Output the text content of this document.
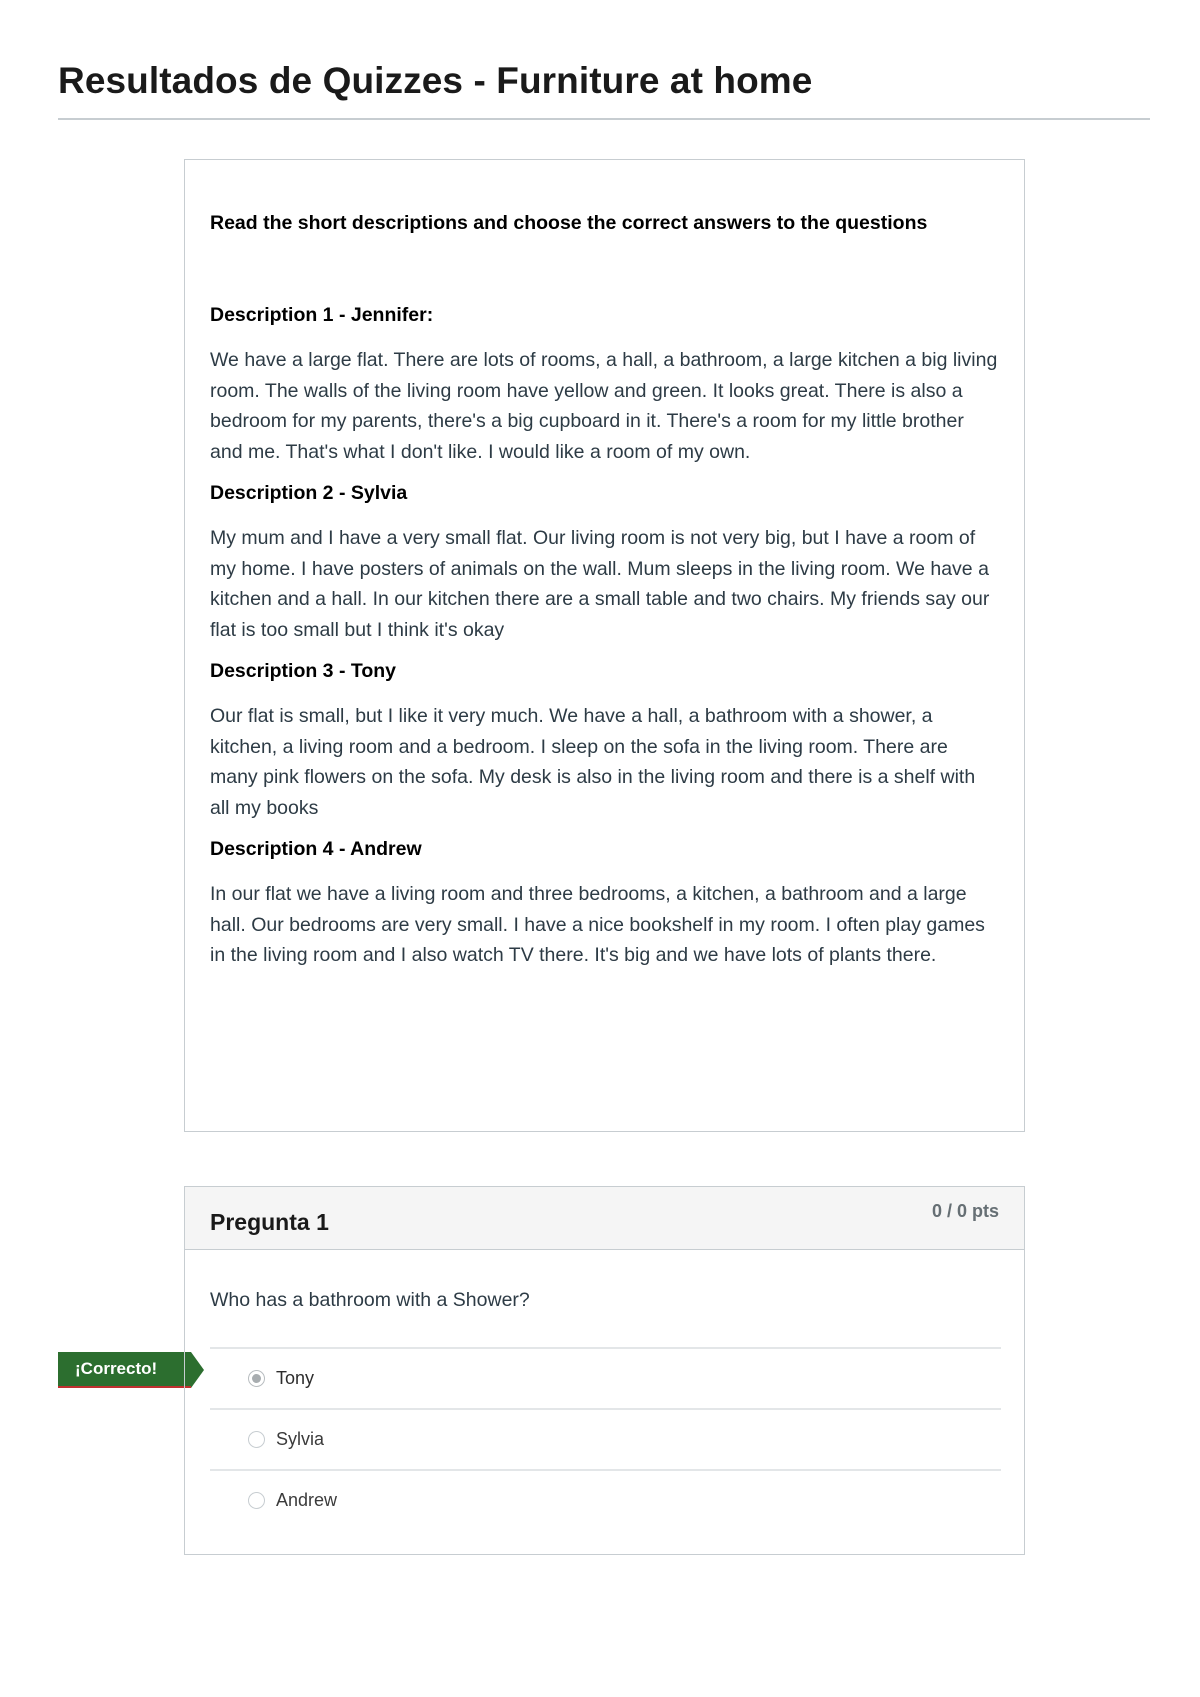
Resultados de Quizzes - Furniture at home

Read the short descriptions and choose the correct answers to the questions

Description 1 - Jennifer:

We have a large flat. There are lots of rooms, a hall, a bathroom, a large kitchen a big living room. The walls of the living room have yellow and green. It looks great. There is also a bedroom for my parents, there's a big cupboard in it. There's a room for my little brother and me. That's what I don't like. I would like a room of my own.

Description 2 - Sylvia

My mum and I have a very small flat. Our living room is not very big, but I have a room of my home. I have posters of animals on the wall. Mum sleeps in the living room. We have a kitchen and a hall. In our kitchen there are a small table and two chairs. My friends say our flat is too small but I think it's okay

Description 3 - Tony

Our flat is small, but I like it very much. We have a hall, a bathroom with a shower, a kitchen, a living room and a bedroom. I sleep on the sofa in the living room. There are many pink flowers on the sofa. My desk is also in the living room and there is a shelf with all my books

Description 4 - Andrew

In our flat we have a living room and three bedrooms, a kitchen, a bathroom and a large hall. Our bedrooms are very small. I have a nice bookshelf in my room. I often play games in the living room and I also watch TV there. It's big and we have lots of plants there.

¡Correcto!
Pregunta 1	0 / 0 pts

Who has a bathroom with a Shower?

Tony
Sylvia
Andrew
